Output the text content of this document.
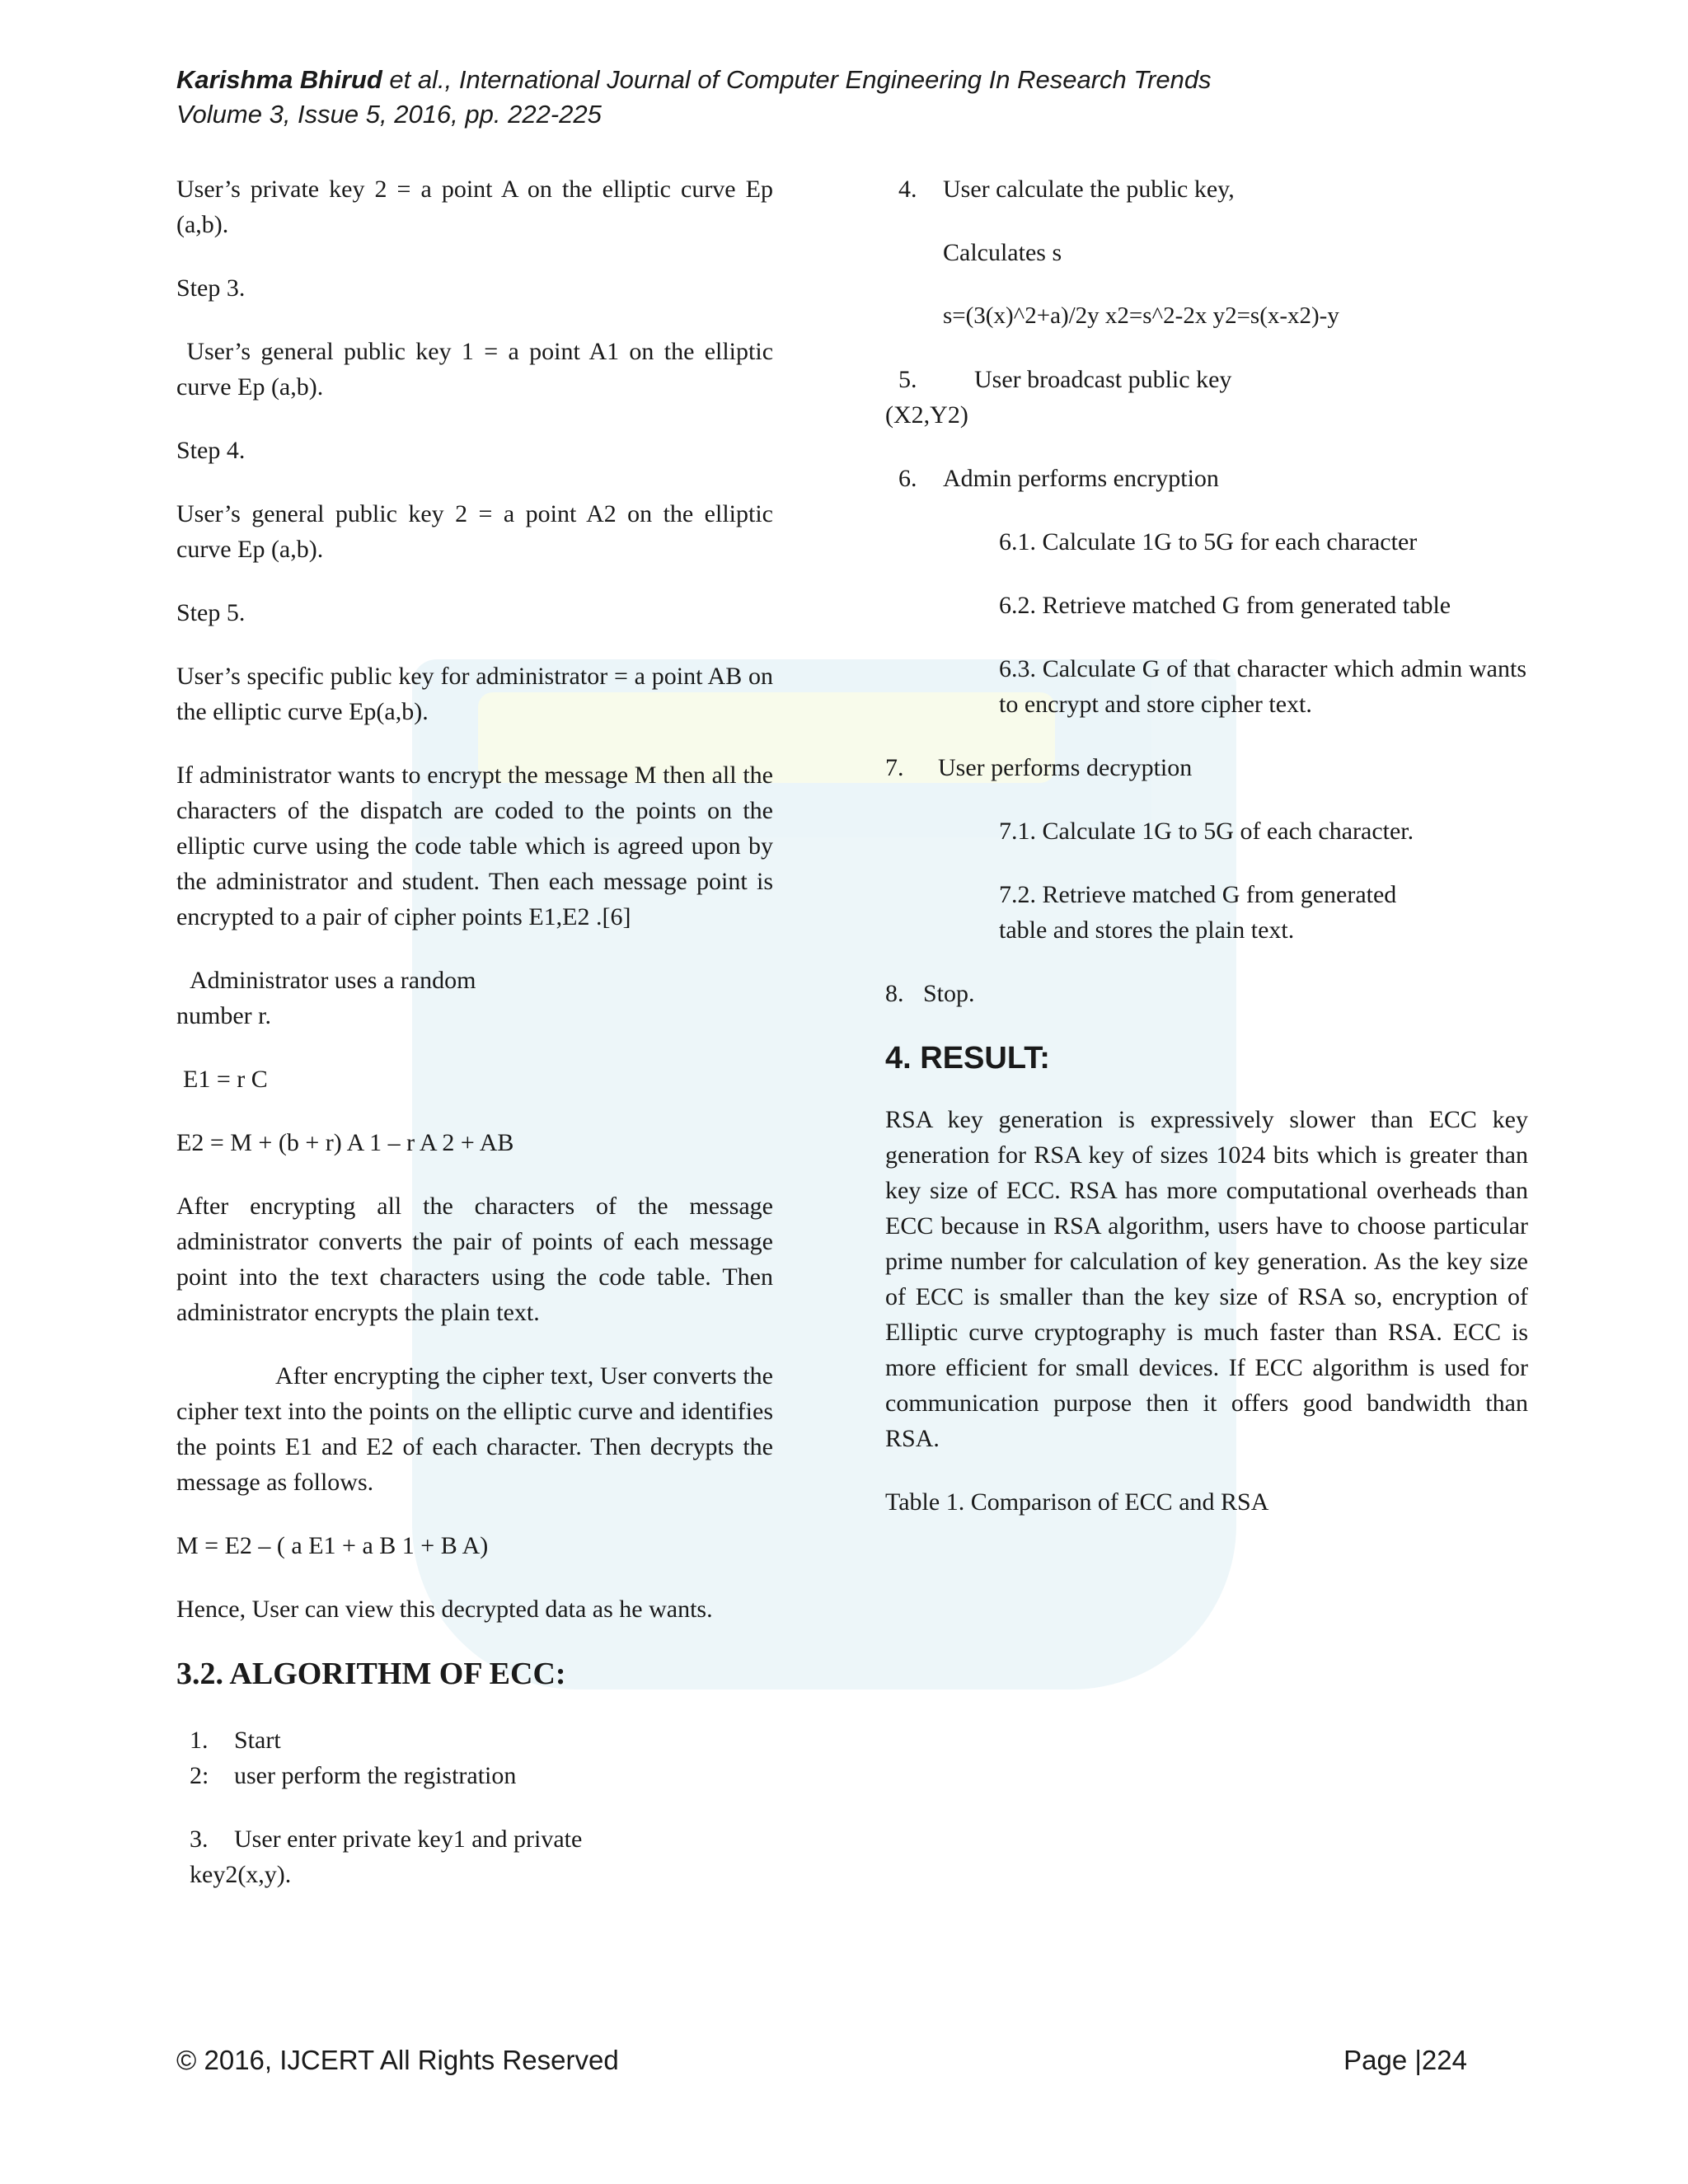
Karishma Bhirud et al., International Journal of Computer Engineering In Research Trends
Volume 3, Issue 5, 2016, pp. 222-225

User’s private key 2 = a point A on the elliptic curve Ep (a,b).

Step 3.

User’s general public key 1 = a point A1 on the elliptic curve Ep (a,b).

Step 4.

User’s general public key 2 = a point A2 on the elliptic curve Ep (a,b).

Step 5.

User’s specific public key for administrator = a point AB on the elliptic curve Ep(a,b).

If administrator wants to encrypt the message M then all the characters of the dispatch are coded to the points on the elliptic curve using the code table which is agreed upon by the administrator and student. Then each message point is encrypted to a pair of cipher points E1,E2 .[6]

Administrator uses a random
number r.

E1 = r C

E2 = M + (b + r) A 1 – r A 2 + AB

After encrypting all the characters of the message administrator converts the pair of points of each message point into the text characters using the code table. Then administrator encrypts the plain text.

After encrypting the cipher text, User converts the cipher text into the points on the elliptic curve and identifies the points E1 and E2 of each character. Then decrypts the message as follows.

M = E2 – ( a E1 + a B 1 + B A)

Hence, User can view this decrypted data as he wants.

3.2. ALGORITHM OF ECC:
1.	Start
2:	user perform the registration
3.	User enter private key1 and private
key2(x,y).
4.	User calculate the public key,

Calculates s

s=(3(x)^2+a)/2y x2=s^2-2x y2=s(x-x2)-y

5.	User broadcast public key
(X2,Y2)
6.	Admin performs encryption

6.1. Calculate 1G to 5G for each character

6.2. Retrieve matched G from generated table

6.3. Calculate G of that character which admin wants to encrypt and store cipher text.

7.	User performs decryption

7.1. Calculate 1G to 5G of each character.

7.2. Retrieve matched G from generated
table and stores the plain text.

8. Stop.
4. RESULT:

RSA key generation is expressively slower than ECC key generation for RSA key of sizes 1024 bits which is greater than key size of ECC. RSA has more computational overheads than ECC because in RSA algorithm, users have to choose particular prime number for calculation of key generation. As the key size of ECC is smaller than the key size of RSA so, encryption of Elliptic curve cryptography is much faster than RSA. ECC is more efficient for small devices. If ECC algorithm is used for communication purpose then it offers good bandwidth than RSA.

Table 1. Comparison of ECC and RSA

© 2016, IJCERT All Rights Reserved	Page |224
